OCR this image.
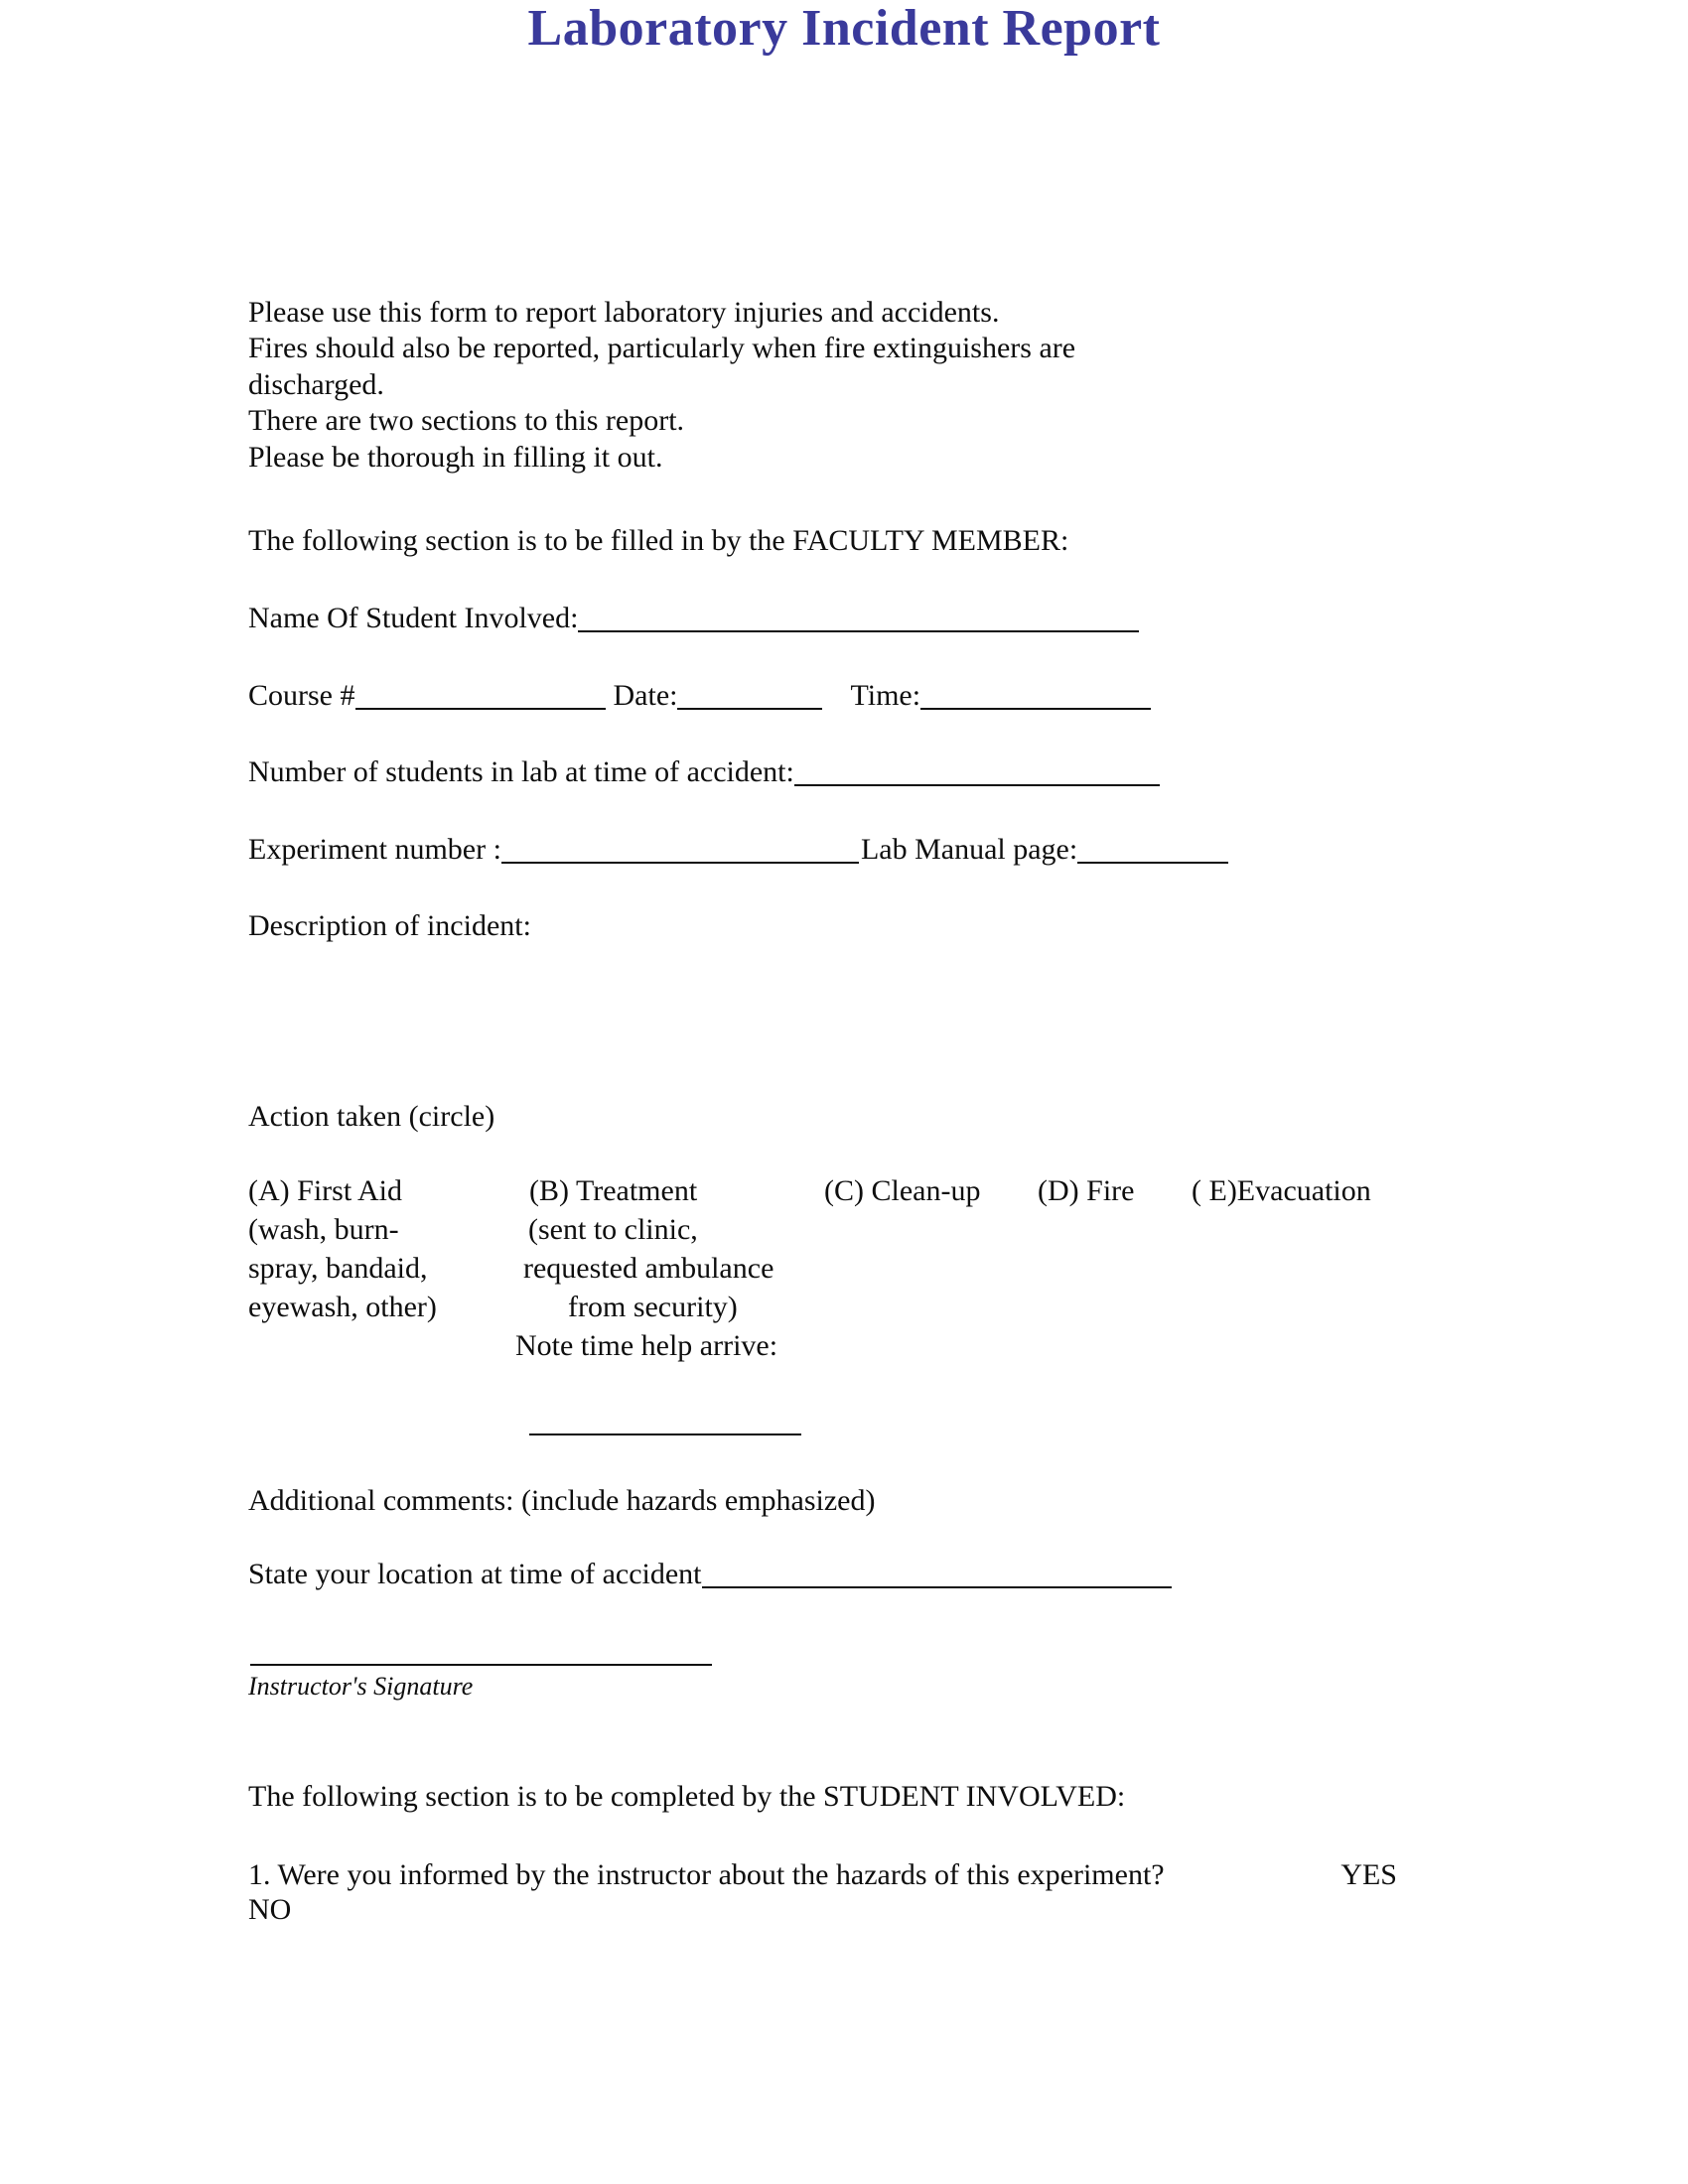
Laboratory Incident Report
Please use this form to report laboratory injuries and accidents.
Fires should also be reported, particularly when fire extinguishers are
discharged.
There are two sections to this report.
Please be thorough in filling it out.
The following section is to be filled in by the FACULTY MEMBER:
Name Of Student Involved:
Course #	Date:	Time:
Number of students in lab at time of accident:
Experiment number :	Lab Manual page:
Description of incident:
Action taken (circle)
(A) First Aid
(wash, burn-
spray, bandaid,
eyewash, other)
(B) Treatment
(sent to clinic,
requested ambulance
from security)
Note time help arrive:
(C) Clean-up (D) Fire ( E)Evacuation
Additional comments: (include hazards emphasized)
State your location at time of accident
Instructor's Signature
The following section is to be completed by the STUDENT INVOLVED:
1. Were you informed by the instructor about the hazards of this experiment?	YES
NO
